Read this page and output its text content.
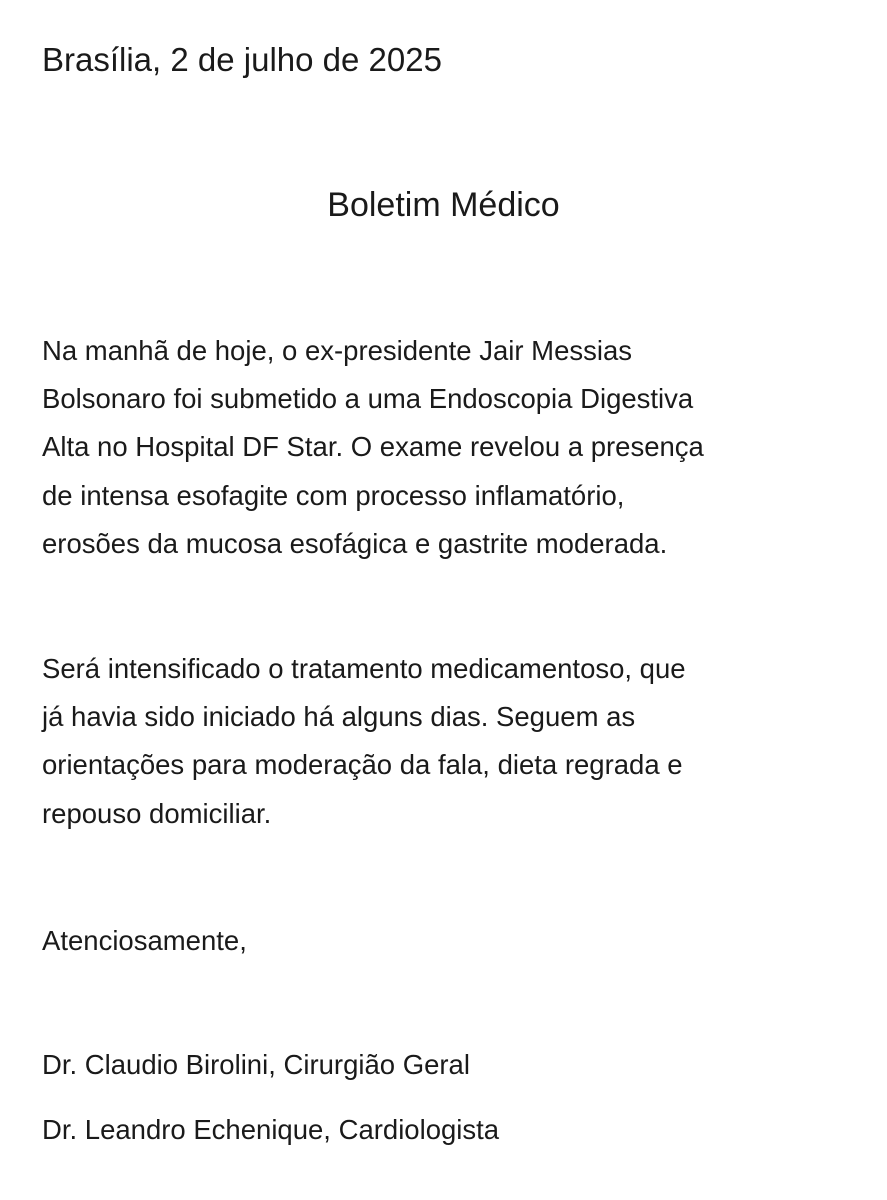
Brasília, 2 de julho de 2025
Boletim Médico

Na manhã de hoje, o ex-presidente Jair Messias
Bolsonaro foi submetido a uma Endoscopia Digestiva
Alta no Hospital DF Star. O exame revelou a presença
de intensa esofagite com processo inflamatório,
erosões da mucosa esofágica e gastrite moderada.

Será intensificado o tratamento medicamentoso, que
já havia sido iniciado há alguns dias. Seguem as
orientações para moderação da fala, dieta regrada e
repouso domiciliar.

Atenciosamente,
Dr. Claudio Birolini, Cirurgião Geral
Dr. Leandro Echenique, Cardiologista
